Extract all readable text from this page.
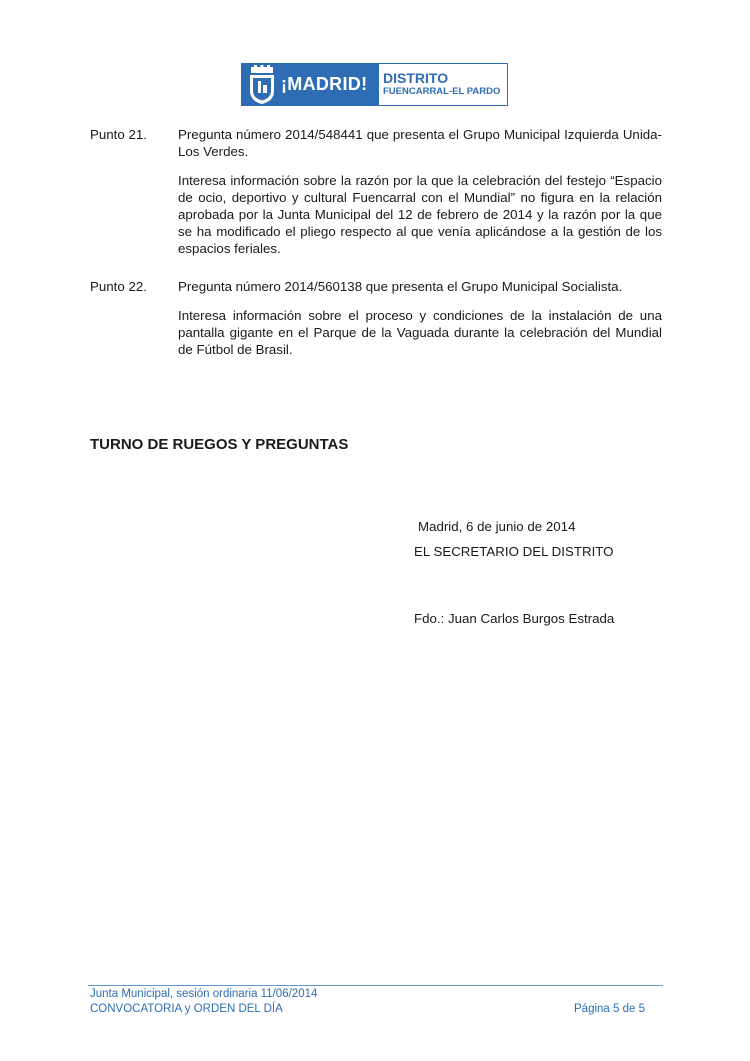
¡MADRID! DISTRITO
FUENCARRAL-EL PARDO
Punto 21. Pregunta número 2014/548441 que presenta el Grupo Municipal Izquierda Unida-Los Verdes.

Interesa información sobre la razón por la que la celebración del festejo “Espacio de ocio, deportivo y cultural Fuencarral con el Mundial” no figura en la relación aprobada por la Junta Municipal del 12 de febrero de 2014 y la razón por la que se ha modificado el pliego respecto al que venía aplicándose a la gestión de los espacios feriales.

Punto 22. Pregunta número 2014/560138 que presenta el Grupo Municipal Socialista.

Interesa información sobre el proceso y condiciones de la instalación de una pantalla gigante en el Parque de la Vaguada durante la celebración del Mundial de Fútbol de Brasil.

TURNO DE RUEGOS Y PREGUNTAS
Madrid, 6 de junio de 2014
EL SECRETARIO DEL DISTRITO
Fdo.: Juan Carlos Burgos Estrada
Junta Municipal, sesión ordinaria 11/06/2014
CONVOCATORIA y ORDEN DEL DÍA	Página 5 de 5
